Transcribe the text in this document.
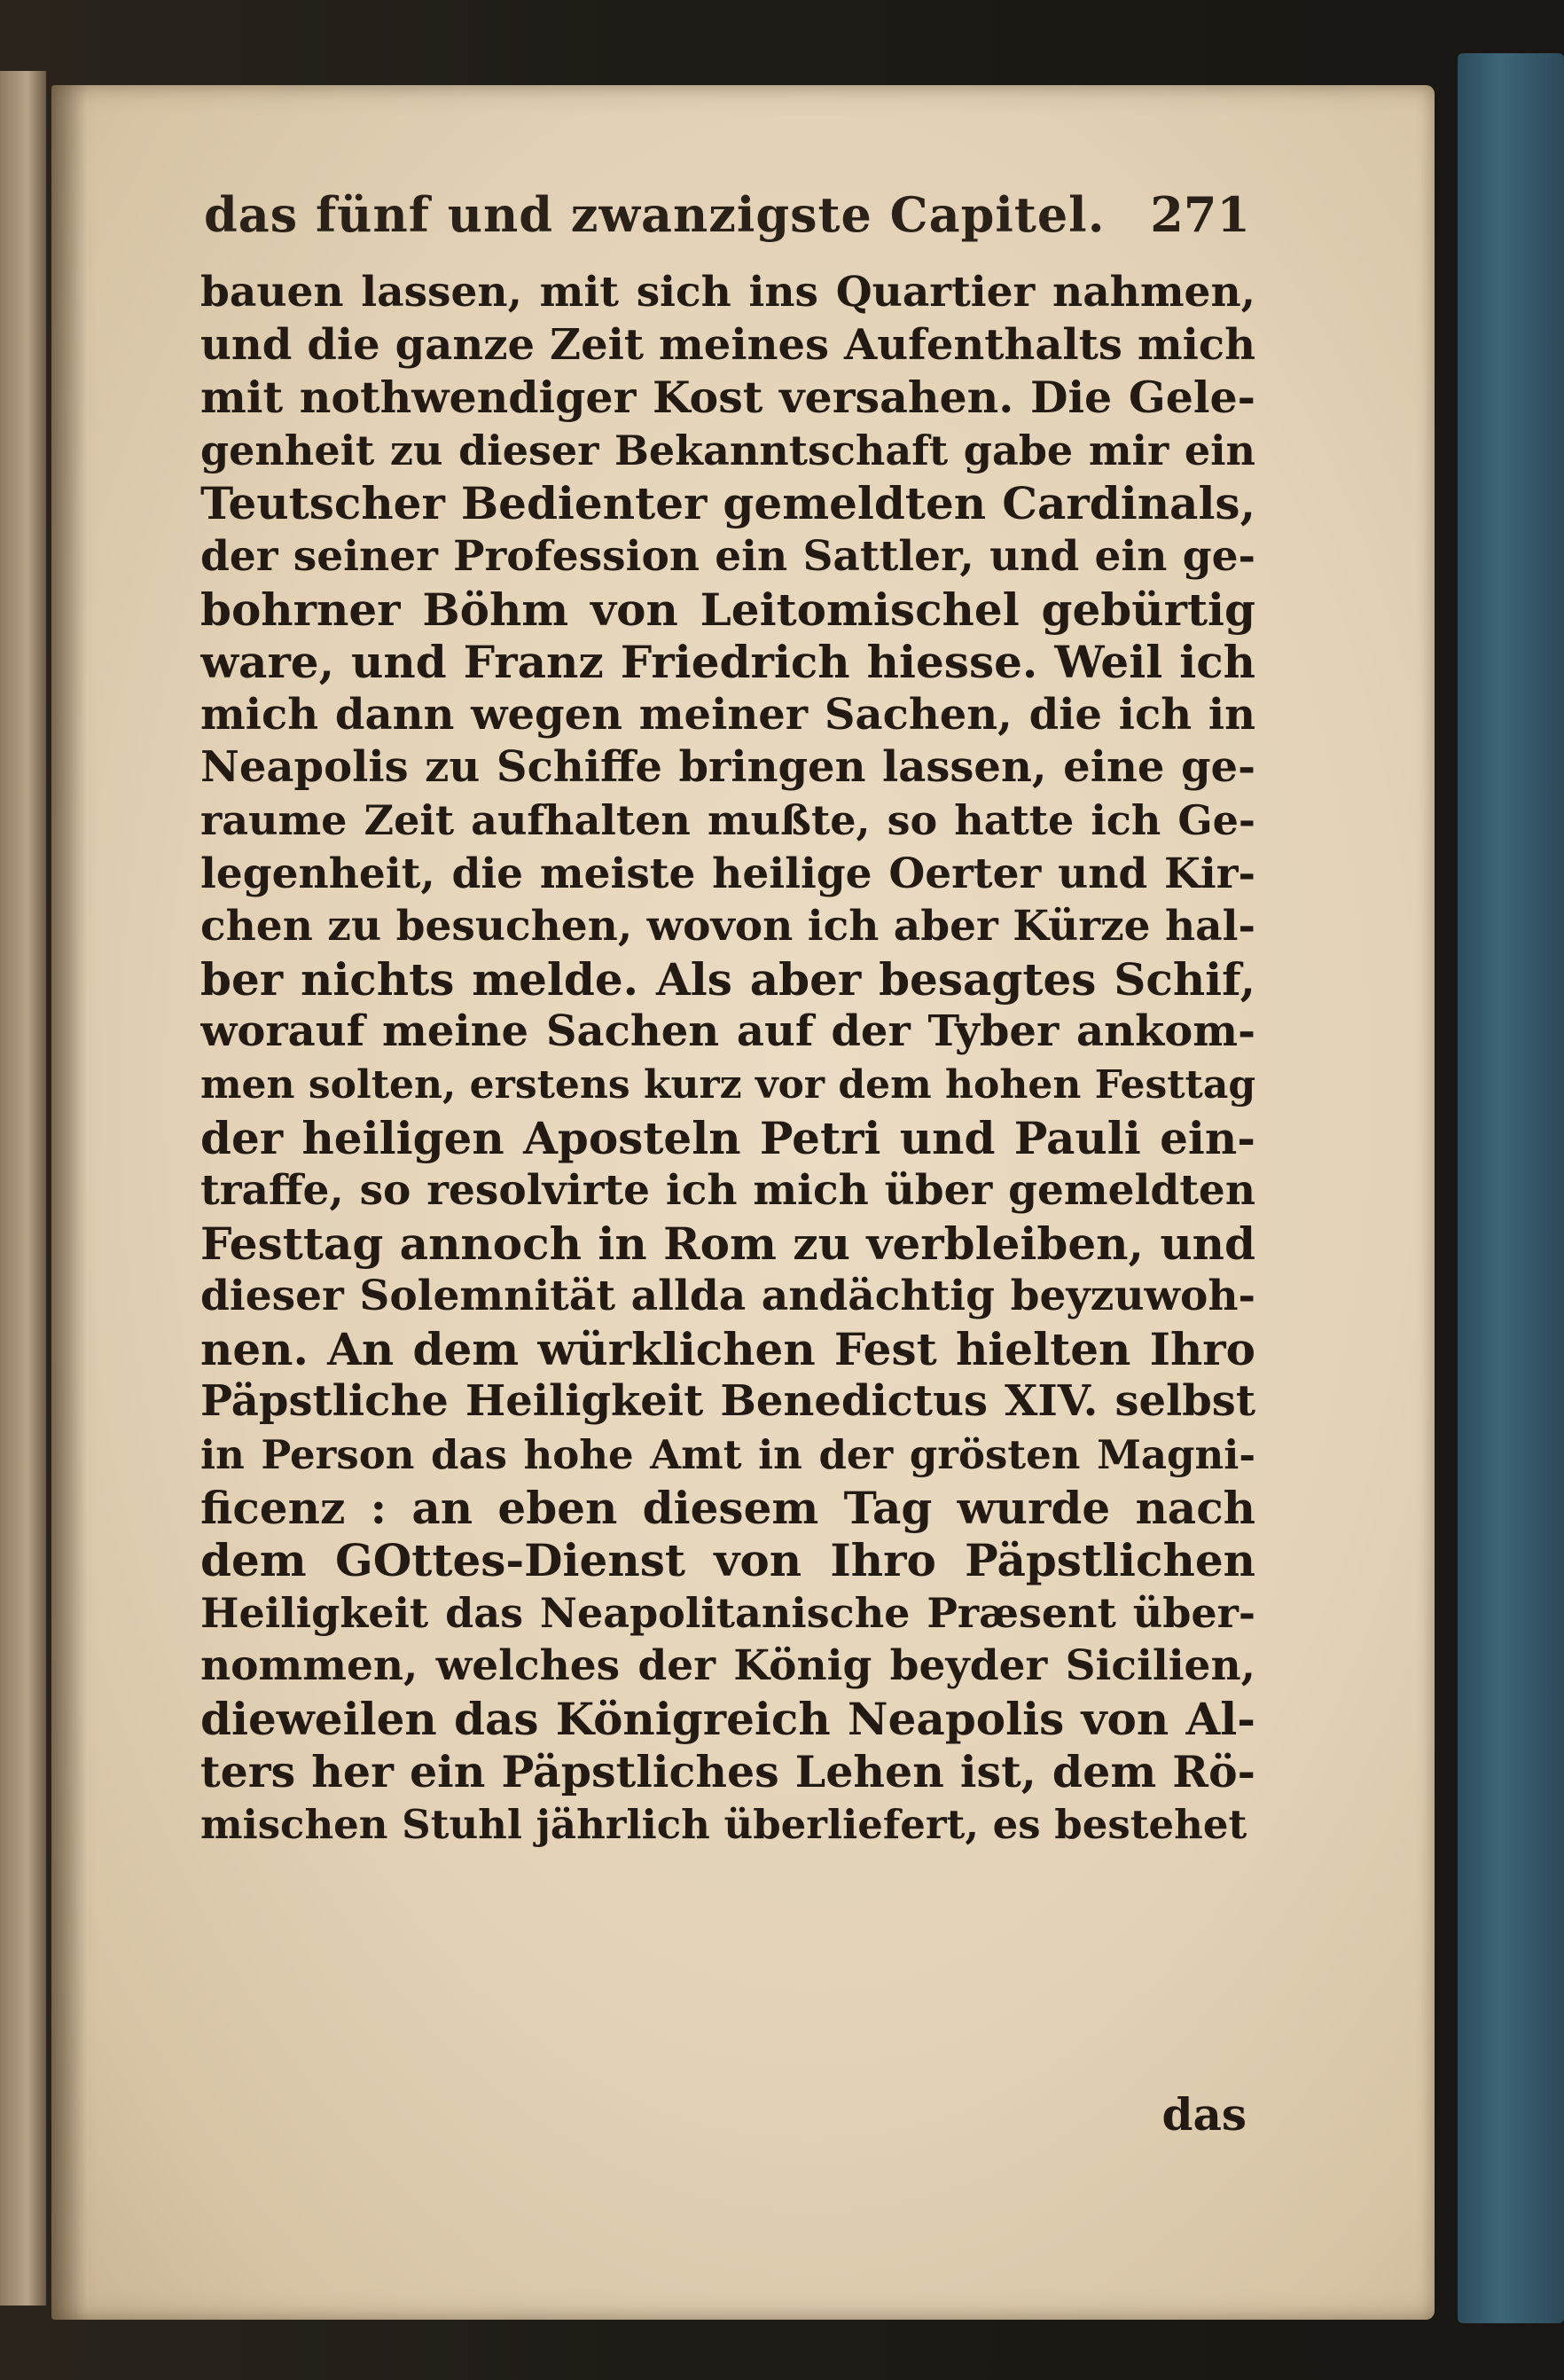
das fünf und zwanzigste Capitel. 271
bauen lassen, mit sich ins Quartier nahmen,
und die ganze Zeit meines Aufenthalts mich
mit nothwendiger Kost versahen. Die Gele-
genheit zu dieser Bekanntschaft gabe mir ein
Teutscher Bedienter gemeldten Cardinals,
der seiner Profession ein Sattler, und ein ge-
bohrner Böhm von Leitomischel gebürtig
ware, und Franz Friedrich hiesse. Weil ich
mich dann wegen meiner Sachen, die ich in
Neapolis zu Schiffe bringen lassen, eine ge-
raume Zeit aufhalten mußte, so hatte ich Ge-
legenheit, die meiste heilige Oerter und Kir-
chen zu besuchen, wovon ich aber Kürze hal-
ber nichts melde. Als aber besagtes Schif,
worauf meine Sachen auf der Tyber ankom-
men solten, erstens kurz vor dem hohen Festtag
der heiligen Aposteln Petri und Pauli ein-
traffe, so resolvirte ich mich über gemeldten
Festtag annoch in Rom zu verbleiben, und
dieser Solemnität allda andächtig beyzuwoh-
nen. An dem würklichen Fest hielten Ihro
Päpstliche Heiligkeit Benedictus XIV. selbst
in Person das hohe Amt in der grösten Magni-
ficenz : an eben diesem Tag wurde nach
dem GOttes-Dienst von Ihro Päpstlichen
Heiligkeit das Neapolitanische Præsent über-
nommen, welches der König beyder Sicilien,
dieweilen das Königreich Neapolis von Al-
ters her ein Päpstliches Lehen ist, dem Rö-
mischen Stuhl jährlich überliefert, es bestehet
das
